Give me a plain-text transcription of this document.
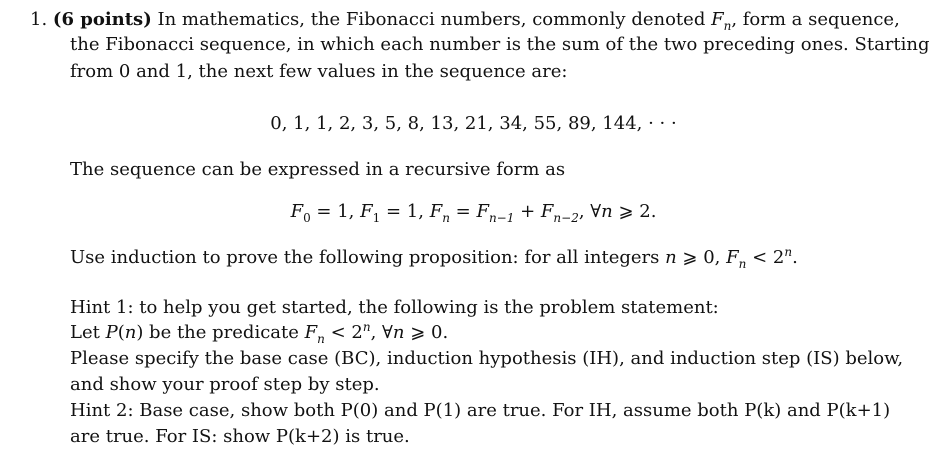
1. (6 points) In mathematics, the Fibonacci numbers, commonly denoted $F_n$, form a sequence,
the Fibonacci sequence, in which each number is the sum of the two preceding ones. Starting
from 0 and 1, the next few values in the sequence are:
0, 1, 1, 2, 3, 5, 8, 13, 21, 34, 55, 89, 144, · · ·
The sequence can be expressed in a recursive form as
$F_0 = 1$, $F_1 = 1$, $F_n = F_{n-1} + F_{n-2}$, ∀n ⩾ 2.
Use induction to prove the following proposition: for all integers n ⩾ 0, $F_n < 2^n$.
Hint 1: to help you get started, the following is the problem statement:
Let P(n) be the predicate $F_n < 2^n$, ∀n ⩾ 0.
Please specify the base case (BC), induction hypothesis (IH), and induction step (IS) below,
and show your proof step by step.
Hint 2: Base case, show both P(0) and P(1) are true. For IH, assume both P(k) and P(k+1)
are true. For IS: show P(k+2) is true.
